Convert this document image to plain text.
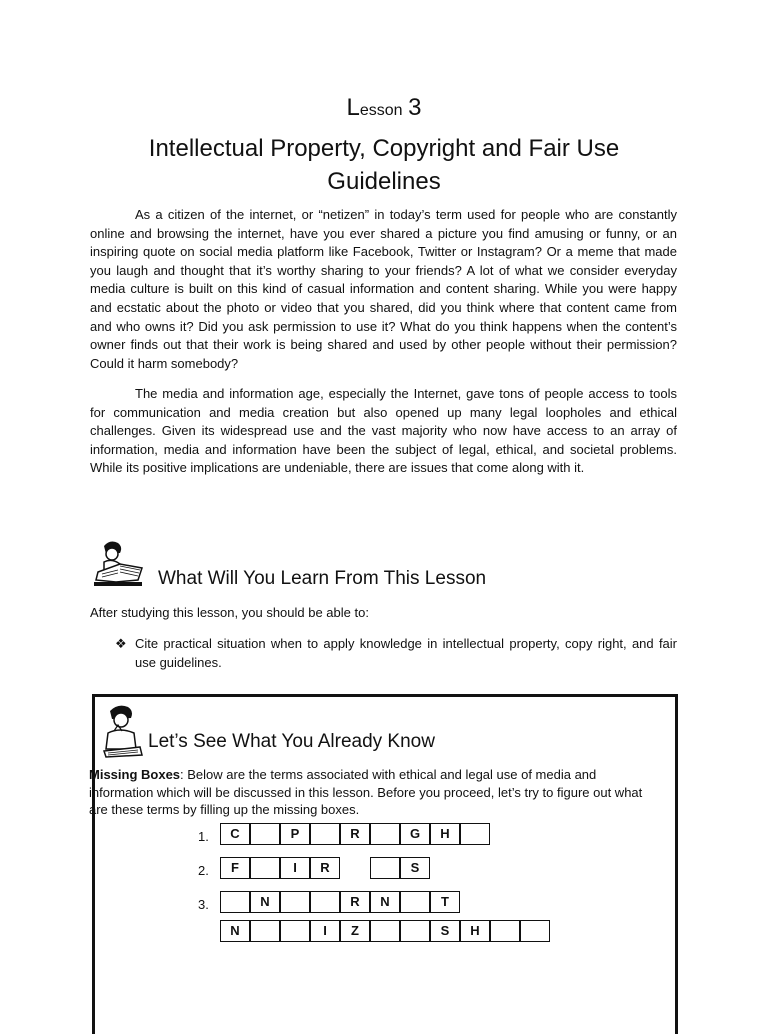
Lesson 3
Intellectual Property, Copyright and Fair Use Guidelines

As a citizen of the internet, or “netizen” in today’s term used for people who are constantly online and browsing the internet, have you ever shared a picture you find amusing or funny, or an inspiring quote on social media platform like Facebook, Twitter or Instagram? Or a meme that made you laugh and thought that it’s worthy sharing to your friends? A lot of what we consider everyday media culture is built on this kind of casual information and content sharing. While you were happy and ecstatic about the photo or video that you shared, did you think where that content came from and who owns it? Did you ask permission to use it? What do you think happens when the content’s owner finds out that their work is being shared and used by other people without their permission? Could it harm somebody?

The media and information age, especially the Internet, gave tons of people access to tools for communication and media creation but also opened up many legal loopholes and ethical challenges. Given its widespread use and the vast majority who now have access to an array of information, media and information have been the subject of legal, ethical, and societal problems. While its positive implications are undeniable, there are issues that come along with it.

What Will You Learn From This Lesson

After studying this lesson, you should be able to:

❖ Cite practical situation when to apply knowledge in intellectual property, copy right, and fair use guidelines.
Let’s See What You Already Know

Missing Boxes: Below are the terms associated with ethical and legal use of media and information which will be discussed in this lesson. Before you proceed, let’s try to figure out what are these terms by filling up the missing boxes.

1.	C	P	R	G	H
2.	F	I	R	S
3.	N	R	N	T
N	I	Z	S	H
